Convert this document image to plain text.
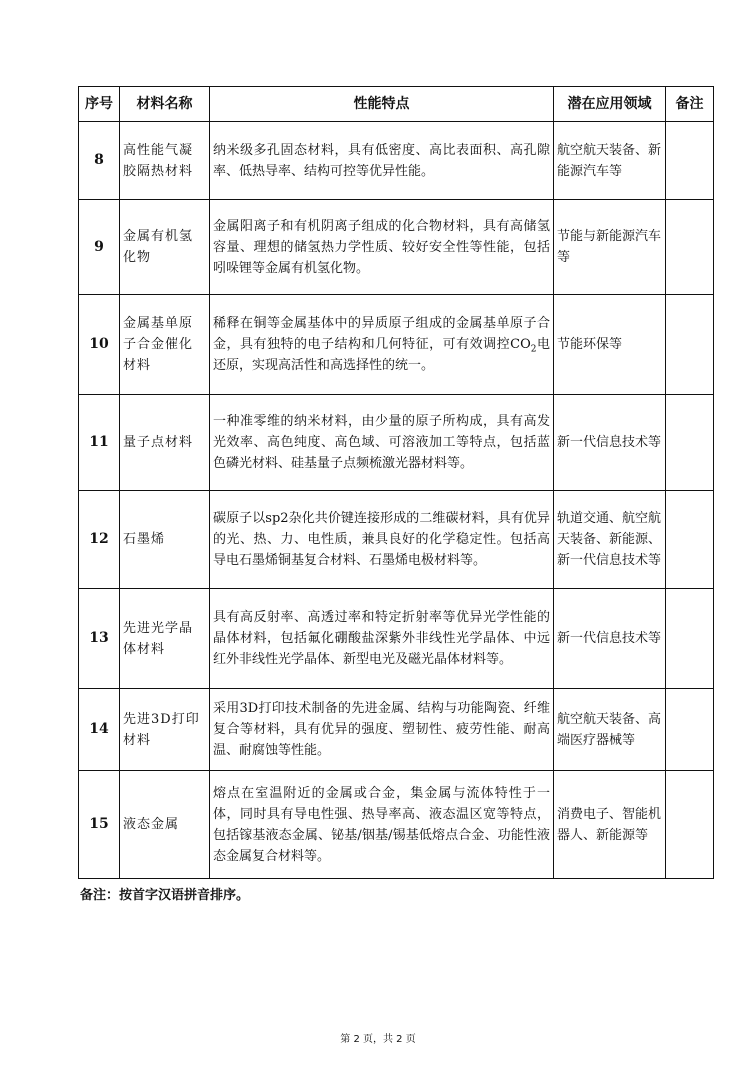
序号	材料名称	性能特点	潜在应用领域	备注
8	高性能气凝胶隔热材料	纳米级多孔固态材料，具有低密度、高比表面积、高孔隙率、低热导率、结构可控等优异性能。	航空航天装备、新能源汽车等	
9	金属有机氢化物	金属阳离子和有机阴离子组成的化合物材料，具有高储氢容量、理想的储氢热力学性质、较好安全性等性能，包括吲哚锂等金属有机氢化物。	节能与新能源汽车等	
10	金属基单原子合金催化材料	稀释在铜等金属基体中的异质原子组成的金属基单原子合金，具有独特的电子结构和几何特征，可有效调控$CO_2$电还原，实现高活性和高选择性的统一。	节能环保等	
11	量子点材料	一种准零维的纳米材料，由少量的原子所构成，具有高发光效率、高色纯度、高色域、可溶液加工等特点，包括蓝色磷光材料、硅基量子点频梳激光器材料等。	新一代信息技术等	
12	石墨烯	碳原子以sp2杂化共价键连接形成的二维碳材料，具有优异的光、热、力、电性质，兼具良好的化学稳定性。包括高导电石墨烯铜基复合材料、石墨烯电极材料等。	轨道交通、航空航天装备、新能源、新一代信息技术等	
13	先进光学晶体材料	具有高反射率、高透过率和特定折射率等优异光学性能的晶体材料，包括氟化硼酸盐深紫外非线性光学晶体、中远红外非线性光学晶体、新型电光及磁光晶体材料等。	新一代信息技术等	
14	先进3D打印材料	采用3D打印技术制备的先进金属、结构与功能陶瓷、纤维复合等材料，具有优异的强度、塑韧性、疲劳性能、耐高温、耐腐蚀等性能。	航空航天装备、高端医疗器械等	
15	液态金属	熔点在室温附近的金属或合金，集金属与流体特性于一体，同时具有导电性强、热导率高、液态温区宽等特点，包括镓基液态金属、铋基/铟基/锡基低熔点合金、功能性液态金属复合材料等。	消费电子、智能机器人、新能源等	
备注：按首字汉语拼音排序。
第 2 页，共 2 页
